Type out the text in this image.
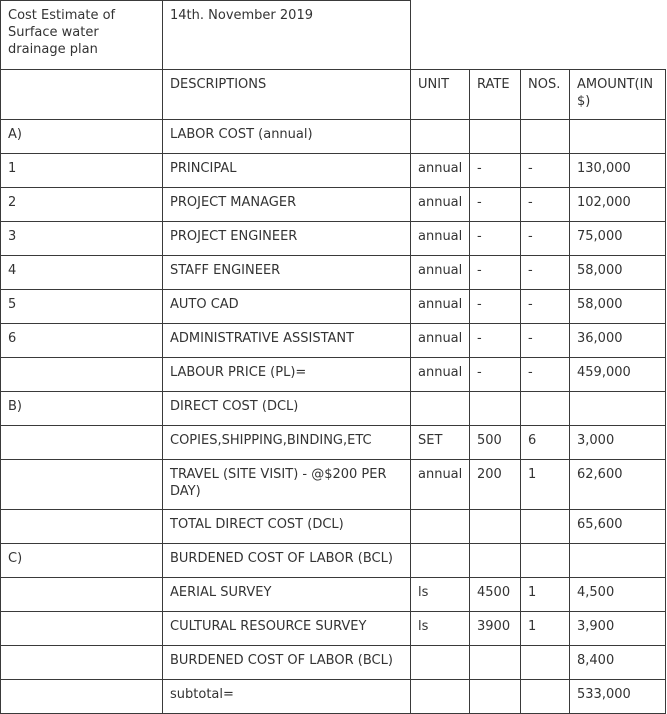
Cost Estimate of Surface water drainage plan	14th. November 2019				
	DESCRIPTIONS	UNIT	RATE	NOS.	AMOUNT(IN $)
A)	LABOR COST (annual)				
1	PRINCIPAL	annual	-	-	130,000
2	PROJECT MANAGER	annual	-	-	102,000
3	PROJECT ENGINEER	annual	-	-	75,000
4	STAFF ENGINEER	annual	-	-	58,000
5	AUTO CAD	annual	-	-	58,000
6	ADMINISTRATIVE ASSISTANT	annual	-	-	36,000
	LABOUR PRICE (PL)=	annual	-	-	459,000
B)	DIRECT COST (DCL)				
	COPIES,SHIPPING,BINDING,ETC	SET	500	6	3,000
	TRAVEL (SITE VISIT) - @$200 PER DAY)	annual	200	1	62,600
	TOTAL DIRECT COST (DCL)				65,600
C)	BURDENED COST OF LABOR (BCL)				
	AERIAL SURVEY	ls	4500	1	4,500
	CULTURAL RESOURCE SURVEY	ls	3900	1	3,900
	BURDENED COST OF LABOR (BCL)				8,400
	subtotal=				533,000
